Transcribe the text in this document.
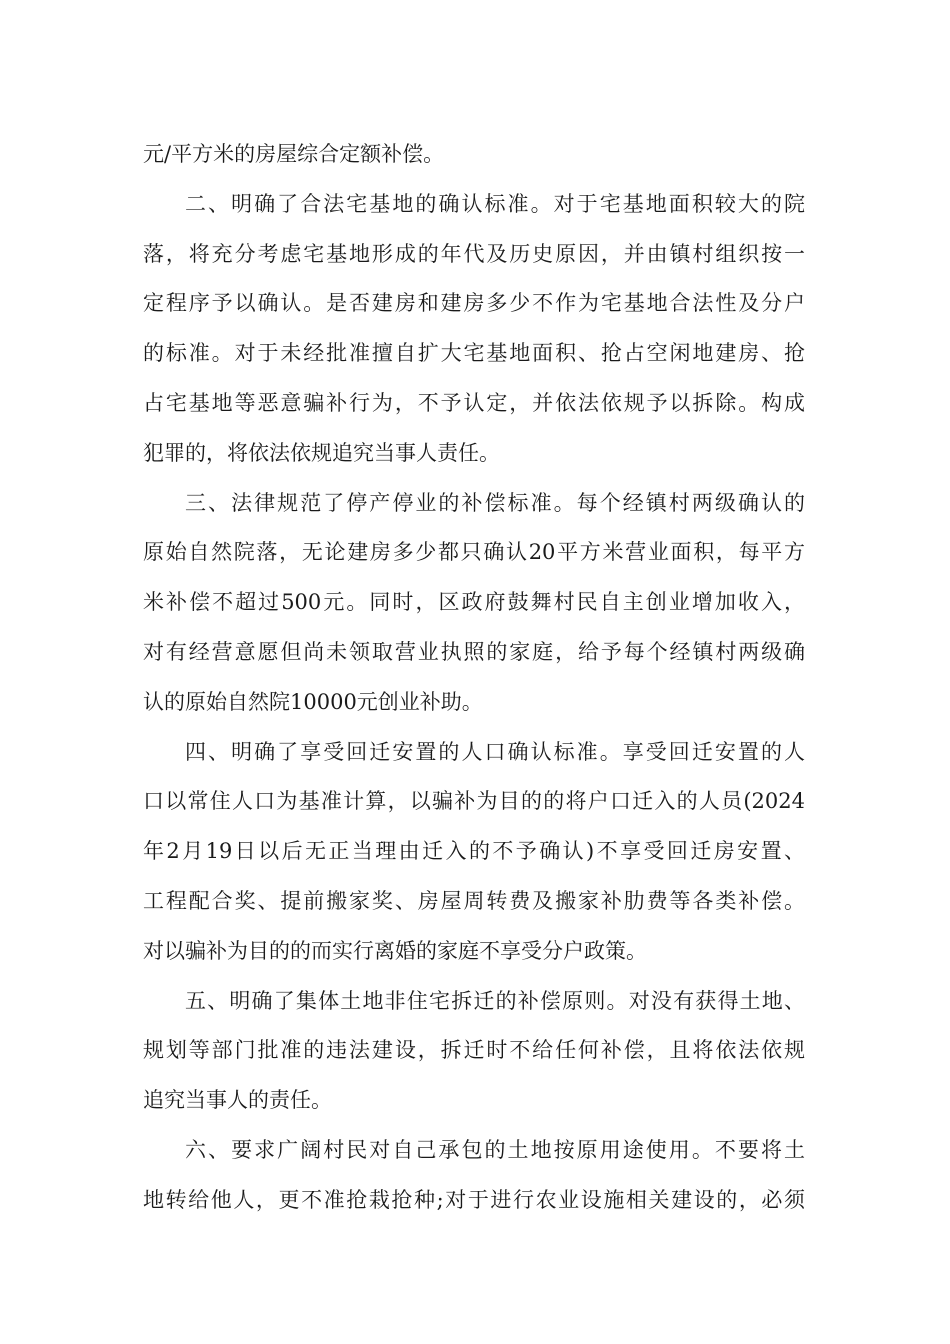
元/平方米的房屋综合定额补偿。
二、明确了合法宅基地的确认标准。对于宅基地面积较大的院
落，将充分考虑宅基地形成的年代及历史原因，并由镇村组织按一
定程序予以确认。是否建房和建房多少不作为宅基地合法性及分户
的标准。对于未经批准擅自扩大宅基地面积、抢占空闲地建房、抢
占宅基地等恶意骗补行为，不予认定，并依法依规予以拆除。构成
犯罪的，将依法依规追究当事人责任。
三、法律规范了停产停业的补偿标准。每个经镇村两级确认的
原始自然院落，无论建房多少都只确认20平方米营业面积，每平方
米补偿不超过500元。同时，区政府鼓舞村民自主创业增加收入，
对有经营意愿但尚未领取营业执照的家庭，给予每个经镇村两级确
认的原始自然院10000元创业补助。
四、明确了享受回迁安置的人口确认标准。享受回迁安置的人
口以常住人口为基准计算，以骗补为目的的将户口迁入的人员(2024
年2月19日以后无正当理由迁入的不予确认)不享受回迁房安置、
工程配合奖、提前搬家奖、房屋周转费及搬家补肋费等各类补偿。
对以骗补为目的的而实行离婚的家庭不享受分户政策。
五、明确了集体土地非住宅拆迁的补偿原则。对没有获得土地、
规划等部门批准的违法建设，拆迁时不给任何补偿，且将依法依规
追究当事人的责任。
六、要求广阔村民对自己承包的土地按原用途使用。不要将土
地转给他人，更不准抢栽抢种;对于进行农业设施相关建设的，必须
